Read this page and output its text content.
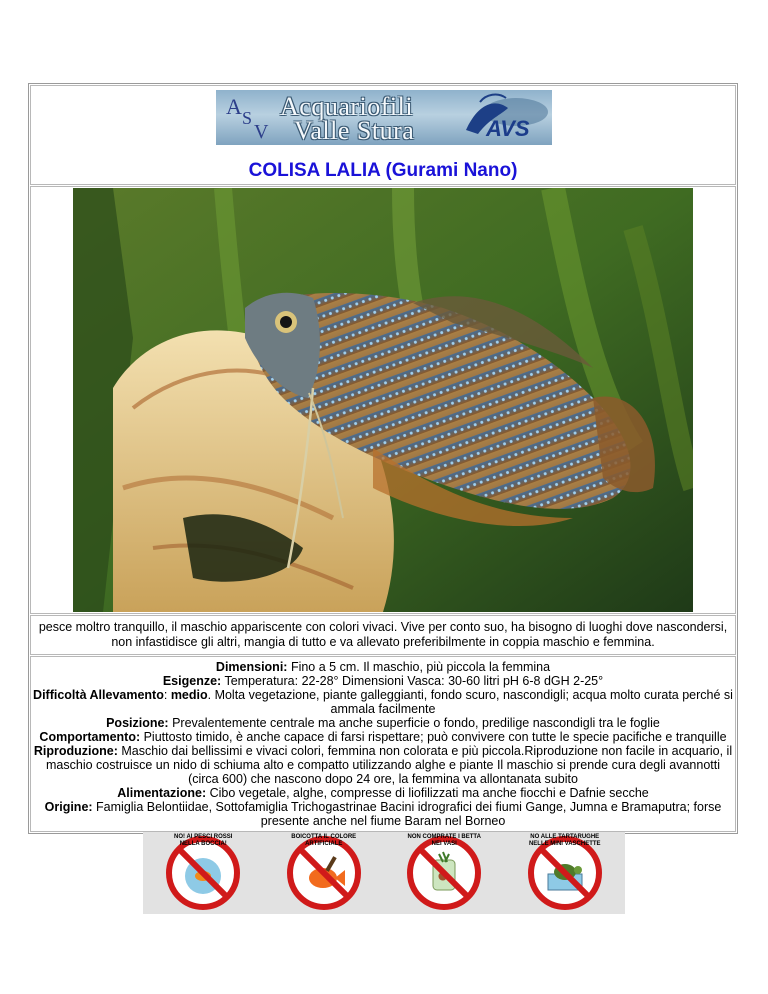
Acquariofili
Valle Stura	AVS
A S
V
COLISA LALIA (Gurami Nano)
pesce moltro tranquillo, il maschio appariscente con colori vivaci. Vive per conto suo, ha bisogno di luoghi dove nascondersi, non infastidisce gli altri, mangia di tutto e va allevato preferibilmente in coppia maschio e femmina.
Dimensioni: Fino a 5 cm. Il maschio, più piccola la femmina
Esigenze: Temperatura: 22-28° Dimensioni Vasca: 30-60 litri pH 6-8 dGH 2-25°
Difficoltà Allevamento: medio. Molta vegetazione, piante galleggianti, fondo scuro, nascondigli; acqua molto curata perché si ammala facilmente
Posizione: Prevalentemente centrale ma anche superficie o fondo, predilige nascondigli tra le foglie
Comportamento: Piuttosto timido, è anche capace di farsi rispettare; può convivere con tutte le specie pacifiche e tranquille
Riproduzione: Maschio dai bellissimi e vivaci colori, femmina non colorata e più piccola.Riproduzione non facile in acquario, il maschio costruisce un nido di schiuma alto e compatto utilizzando alghe e piante Il maschio si prende cura degli avannotti (circa 600) che nascono dopo 24 ore, la femmina va allontanata subito
Alimentazione: Cibo vegetale, alghe, compresse di liofilizzati ma anche fiocchi e Dafnie secche
Origine: Famiglia Belontiidae, Sottofamiglia Trichogastrinae Bacini idrografici dei fiumi Gange, Jumna e Bramaputra; forse presente anche nel fiume Baram nel Borneo
NO! AI PESCI ROSSI NELLA BOCCIA!
BOICOTTA IL COLORE ARTIFICIALE
NON COMPRATE I BETTA NEI VASI
NO ALLE TARTARUGHE NELLE MINI VASCHETTE
